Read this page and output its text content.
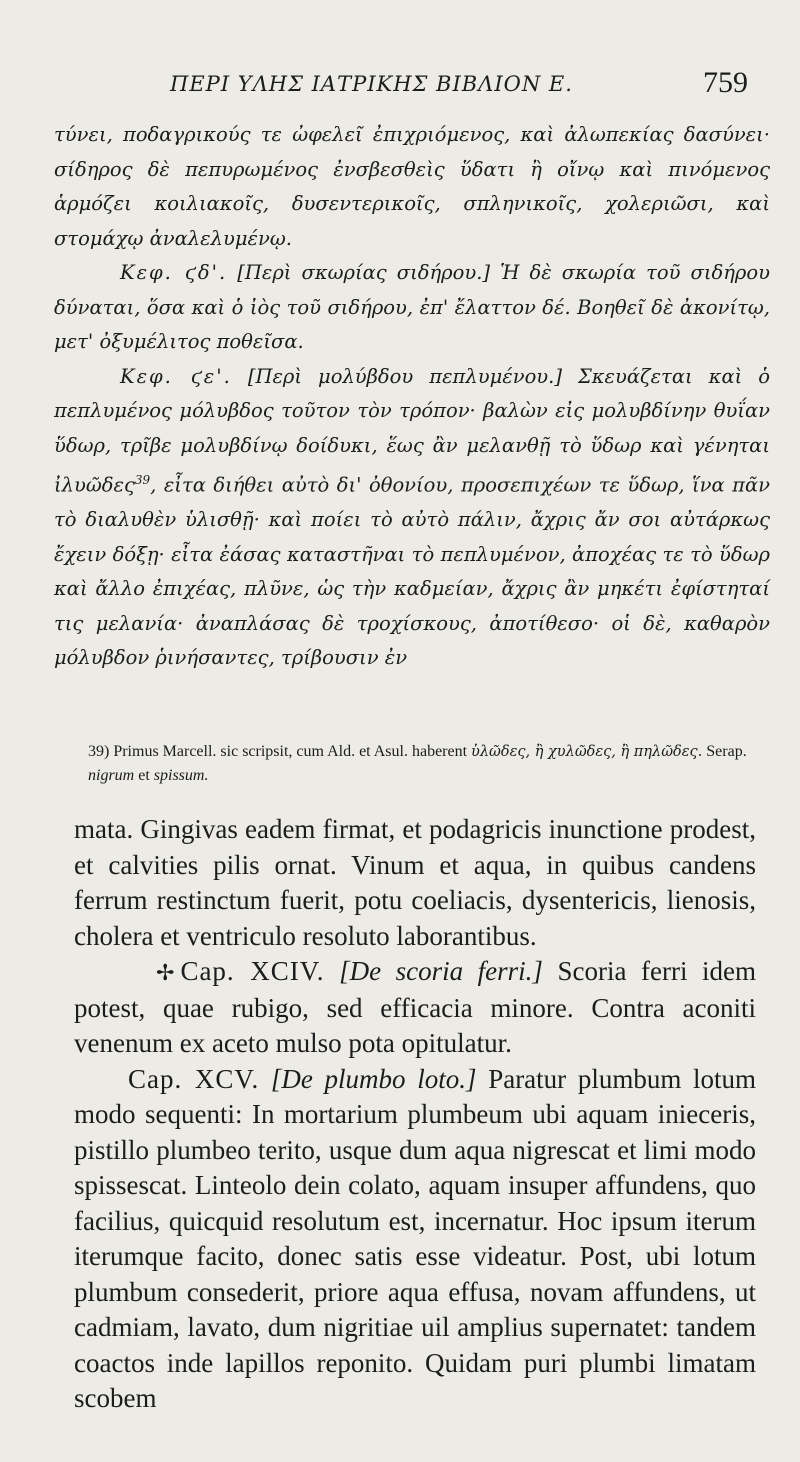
ΠΕΡΙ ΥΛΗΣ ΙΑΤΡΙΚΗΣ ΒΙΒΛΙΟΝ Ε.	759

τύνει, ποδαγρικούς τε ὠφελεῖ ἐπιχριόμενος, καὶ ἀλωπεκίας δασύνει· σίδηρος δὲ πεπυρωμένος ἐνσβεσθεὶς ὕδατι ἢ οἴνῳ καὶ πινόμενος ἁρμόζει κοιλιακοῖς, δυσεντερικοῖς, σπληνικοῖς, χολεριῶσι, καὶ στομάχῳ ἀναλελυμένῳ.

Κεφ. ϛδ'. [Περὶ σκωρίας σιδήρου.] Ἡ δὲ σκωρία τοῦ σιδήρου δύναται, ὅσα καὶ ὁ ἰὸς τοῦ σιδήρου, ἐπ' ἔλαττον δέ. Βοηθεῖ δὲ ἀκονίτῳ, μετ' ὀξυμέλιτος ποθεῖσα.

Κεφ. ϛε'. [Περὶ μολύβδου πεπλυμένου.] Σκευάζεται καὶ ὁ πεπλυμένος μόλυβδος τοῦτον τὸν τρόπον· βαλὼν εἰς μολυβδίνην θυΐαν ὕδωρ, τρῖβε μολυβδίνῳ δοίδυκι, ἕως ἂν μελανθῇ τὸ ὕδωρ καὶ γένηται ἰλυῶδες$^{39}$, εἶτα διήθει αὐτὸ δι' ὀθονίου, προσεπιχέων τε ὕδωρ, ἵνα πᾶν τὸ διαλυθὲν ὑλισθῇ· καὶ ποίει τὸ αὐτὸ πάλιν, ἄχρις ἄν σοι αὐτάρκως ἔχειν δόξῃ· εἶτα ἐάσας καταστῆναι τὸ πεπλυμένον, ἀποχέας τε τὸ ὕδωρ καὶ ἄλλο ἐπιχέας, πλῦνε, ὡς τὴν καδμείαν, ἄχρις ἂν μηκέτι ἐφίστηταί τις μελανία· ἀναπλάσας δὲ τροχίσκους, ἀποτίθεσο· οἱ δὲ, καθαρὸν μόλυβδον ῥινήσαντες, τρίβουσιν ἐν

39) Primus Marcell. sic scripsit, cum Ald. et Asul. haberent ὑλῶδες, ἢ χυλῶδες, ἢ πηλῶδες. Serap. nigrum et spissum.

mata. Gingivas eadem firmat, et podagricis inunctione prodest, et calvities pilis ornat. Vinum et aqua, in quibus candens ferrum restinctum fuerit, potu coeliacis, dysentericis, lienosis, cholera et ventriculo resoluto laborantibus.

✢ Cap. XCIV. [De scoria ferri.] Scoria ferri idem potest, quae rubigo, sed efficacia minore. Contra aconiti venenum ex aceto mulso pota opitulatur.

Cap. XCV. [De plumbo loto.] Paratur plumbum lotum modo sequenti: In mortarium plumbeum ubi aquam inieceris, pistillo plumbeo terito, usque dum aqua nigrescat et limi modo spissescat. Linteolo dein colato, aquam insuper affundens, quo facilius, quicquid resolutum est, incernatur. Hoc ipsum iterum iterumque facito, donec satis esse videatur. Post, ubi lotum plumbum consederit, priore aqua effusa, novam affundens, ut cadmiam, lavato, dum nigritiae uil amplius supernatet: tandem coactos inde lapillos reponito. Quidam puri plumbi limatam scobem
